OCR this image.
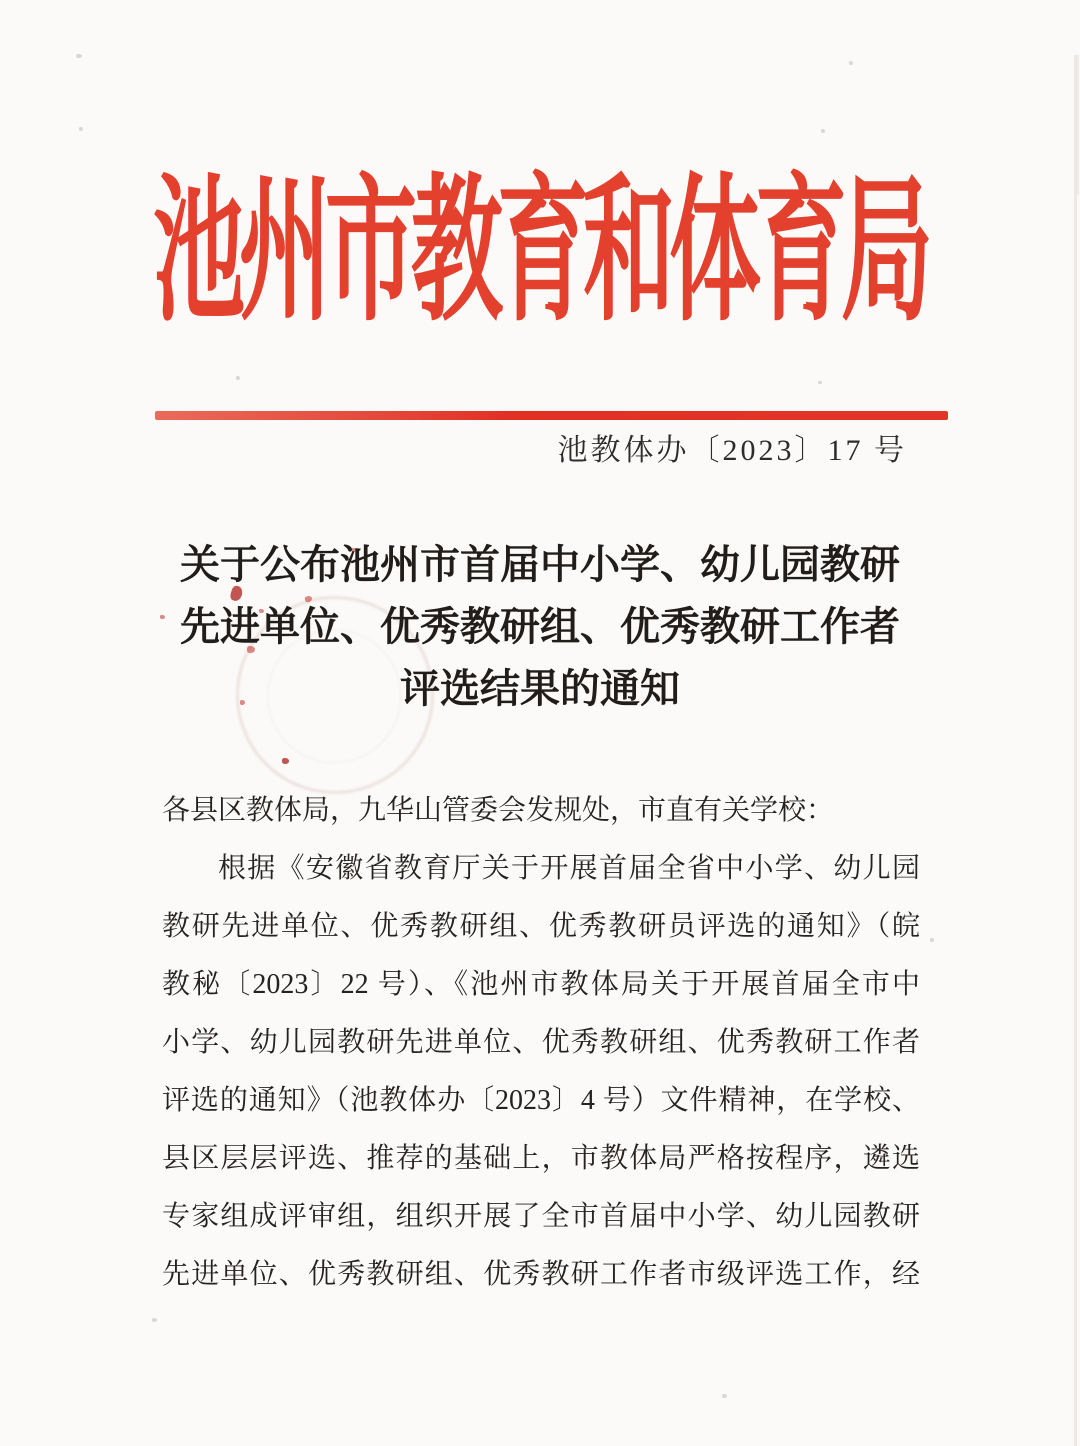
池州市教育和体育局
池教体办〔2023〕17 号
关于公布池州市首届中小学、幼儿园教研
先进单位、优秀教研组、优秀教研工作者
评选结果的通知
各县区教体局，九华山管委会发规处，市直有关学校：
根据《安徽省教育厅关于开展首届全省中小学、幼儿园
教研先进单位、优秀教研组、优秀教研员评选的通知》（皖
教秘〔2023〕22 号）、《池州市教体局关于开展首届全市中
小学、幼儿园教研先进单位、优秀教研组、优秀教研工作者
评选的通知》（池教体办〔2023〕4 号）文件精神，在学校、
县区层层评选、推荐的基础上，市教体局严格按程序，遴选
专家组成评审组，组织开展了全市首届中小学、幼儿园教研
先进单位、优秀教研组、优秀教研工作者市级评选工作，经
